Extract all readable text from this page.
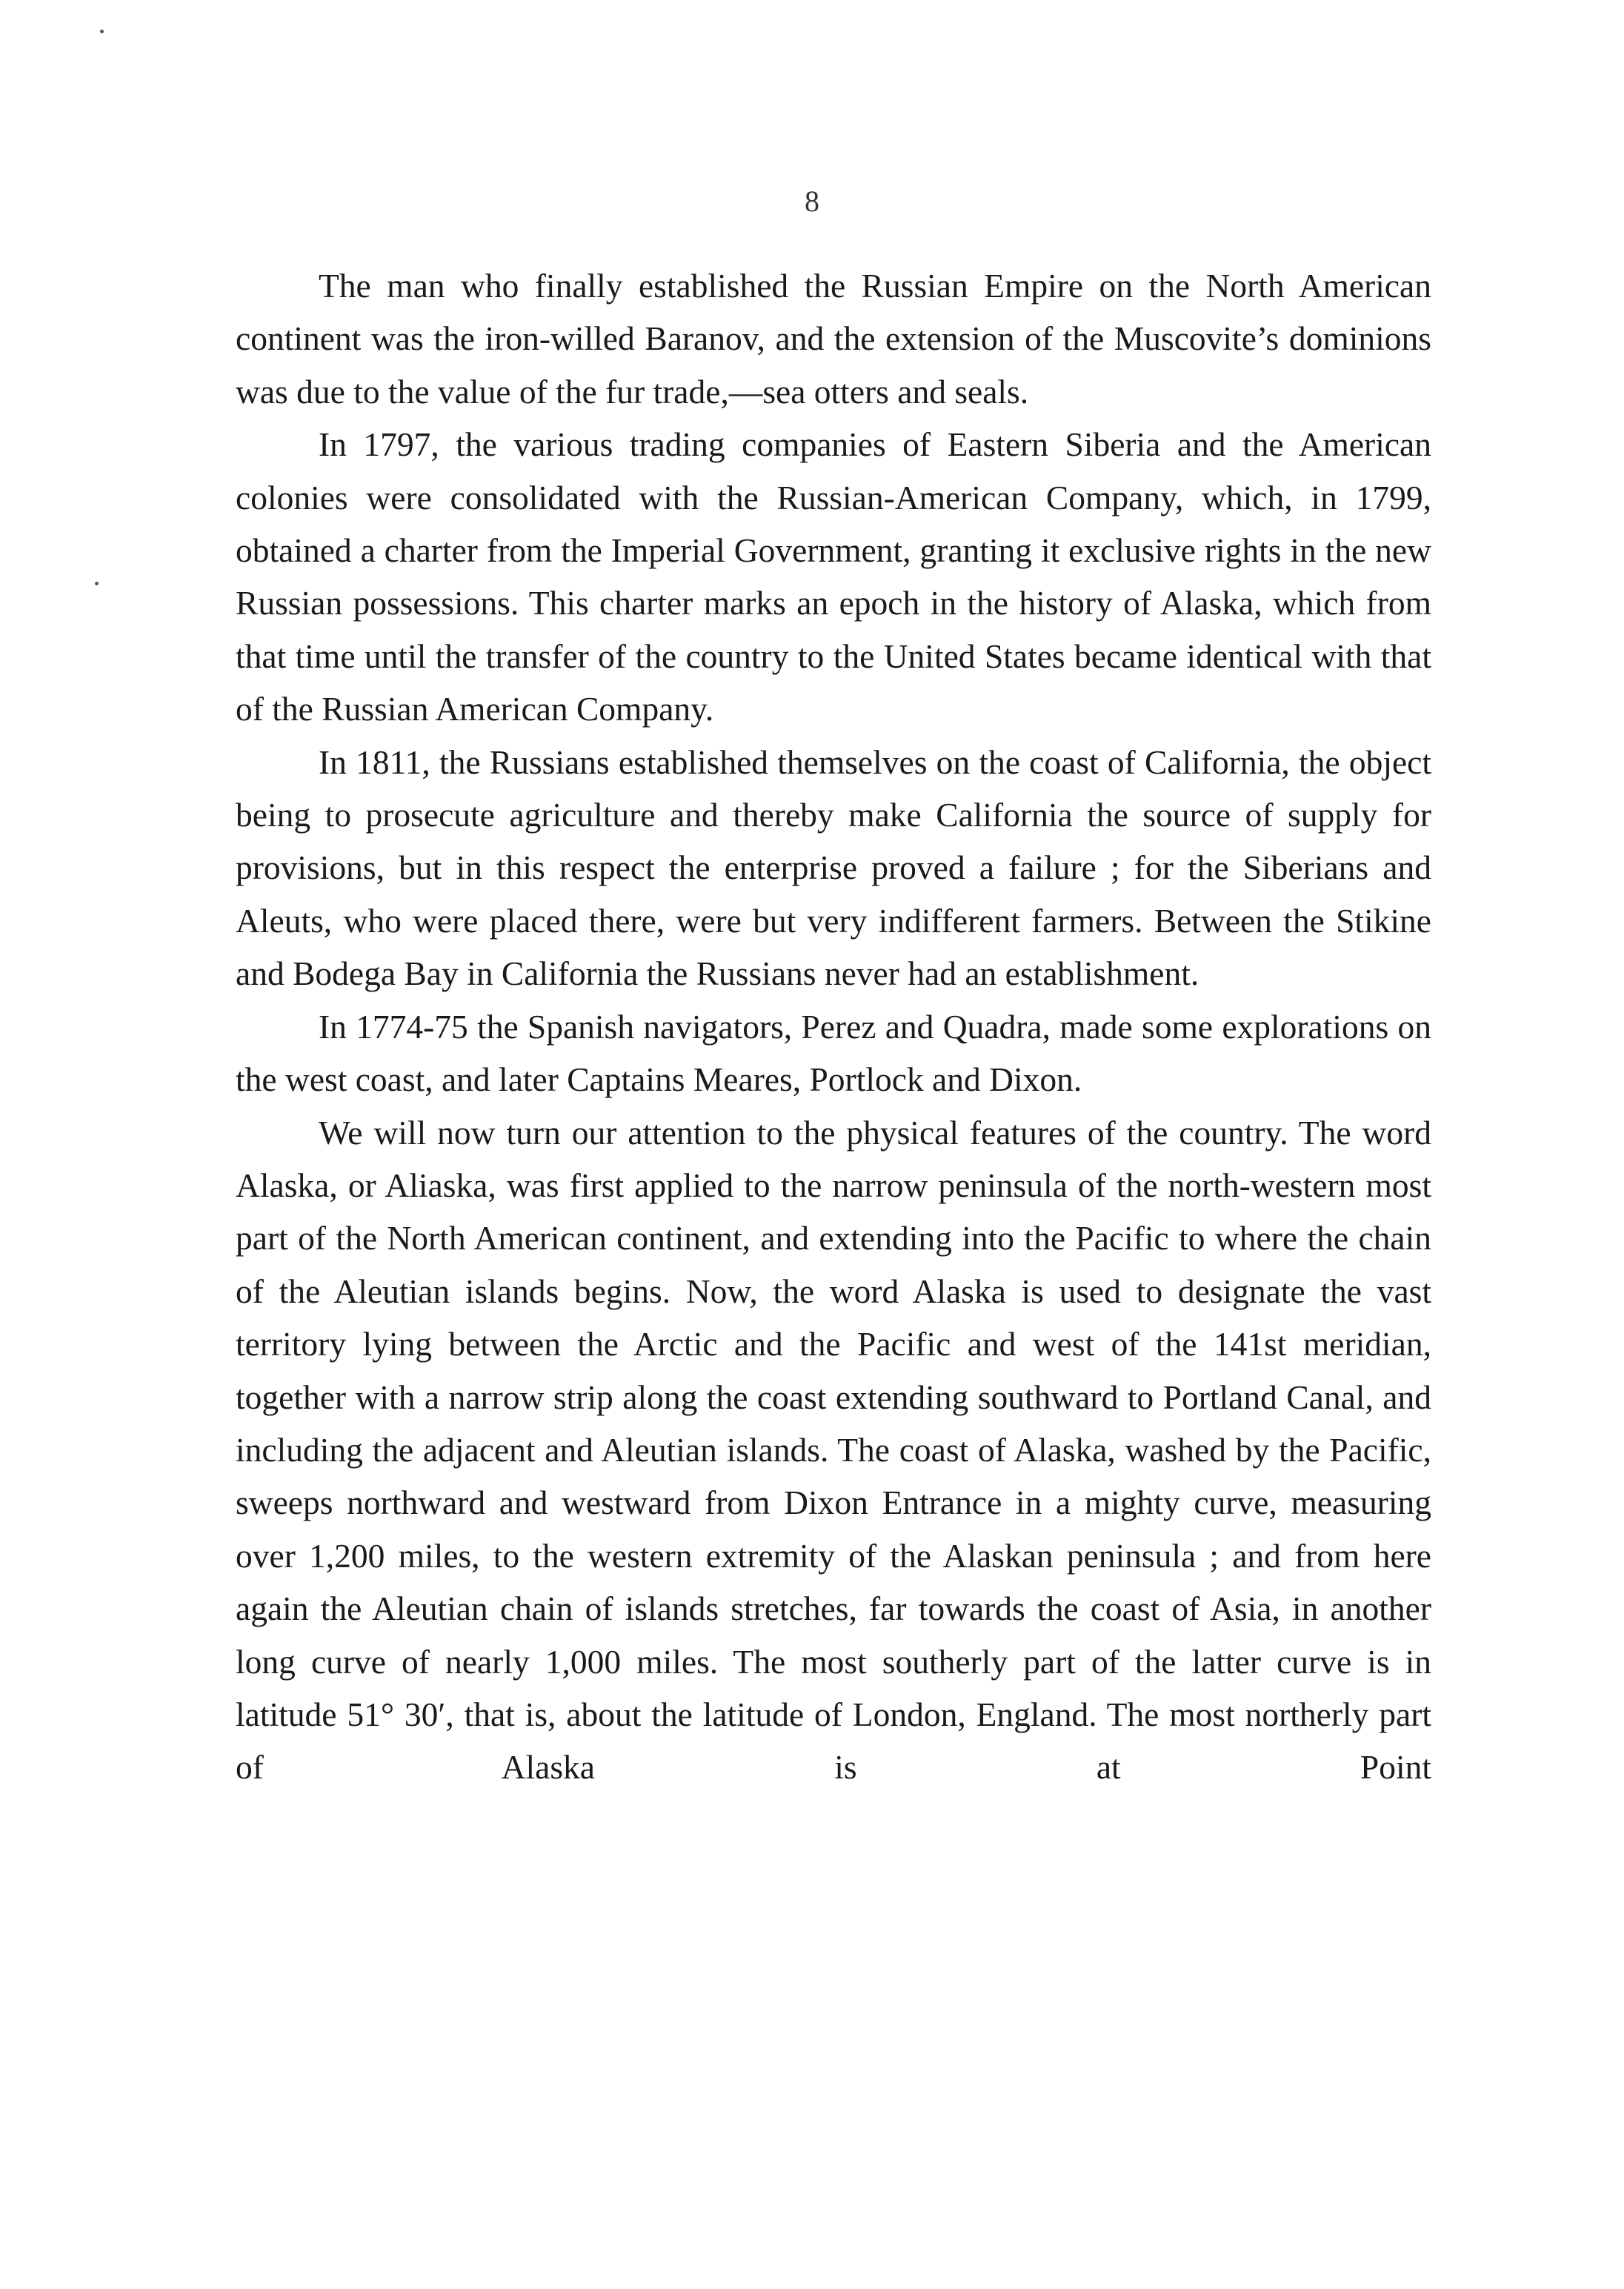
8

The man who finally established the Russian Empire on the North American continent was the iron-willed Baranov, and the extension of the Muscovite’s dominions was due to the value of the fur trade,—sea otters and seals.

In 1797, the various trading companies of Eastern Siberia and the American colonies were consolidated with the Russian-American Company, which, in 1799, obtained a charter from the Imperial Government, granting it exclusive rights in the new Russian possessions. This charter marks an epoch in the history of Alaska, which from that time until the transfer of the country to the United States became identical with that of the Russian American Company.

In 1811, the Russians established themselves on the coast of California, the object being to prosecute agriculture and thereby make California the source of supply for provisions, but in this respect the enterprise proved a failure ; for the Siberians and Aleuts, who were placed there, were but very indifferent farmers. Between the Stikine and Bodega Bay in California the Russians never had an establishment.

In 1774-75 the Spanish navigators, Perez and Quadra, made some explorations on the west coast, and later Captains Meares, Portlock and Dixon.

We will now turn our attention to the physical features of the country. The word Alaska, or Aliaska, was first applied to the narrow peninsula of the north-western most part of the North American continent, and extending into the Pacific to where the chain of the Aleutian islands begins. Now, the word Alaska is used to designate the vast territory lying between the Arctic and the Pacific and west of the 141st meridian, together with a narrow strip along the coast extending southward to Portland Canal, and including the adjacent and Aleutian islands. The coast of Alaska, washed by the Pacific, sweeps northward and westward from Dixon Entrance in a mighty curve, measuring over 1,200 miles, to the western extremity of the Alaskan peninsula ; and from here again the Aleutian chain of islands stretches, far towards the coast of Asia, in another long curve of nearly 1,000 miles. The most southerly part of the latter curve is in latitude 51° 30′, that is, about the latitude of London, England. The most northerly part of Alaska is at Point
